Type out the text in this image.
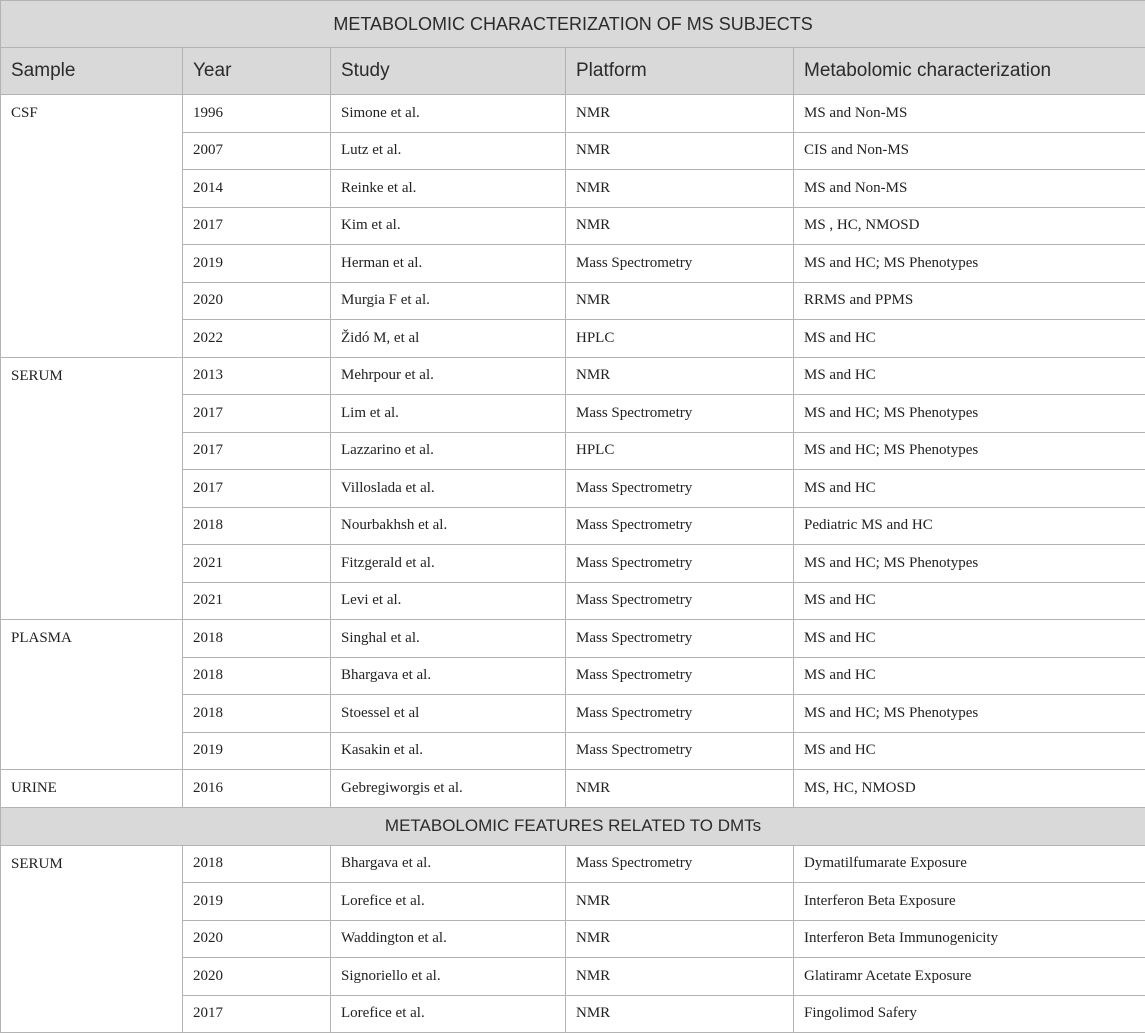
METABOLOMIC CHARACTERIZATION OF MS SUBJECTS				
Sample	Year	Study	Platform	Metabolomic characterization
CSF	1996	Simone et al.	NMR	MS and Non-MS
	2007	Lutz et al.	NMR	CIS and Non-MS
	2014	Reinke et al.	NMR	MS and Non-MS
	2017	Kim et al.	NMR	MS , HC, NMOSD
	2019	Herman et al.	Mass Spectrometry	MS and HC; MS Phenotypes
	2020	Murgia F et al.	NMR	RRMS and PPMS
	2022	Židó M, et al	HPLC	MS and HC
SERUM	2013	Mehrpour et al.	NMR	MS and HC
	2017	Lim et al.	Mass Spectrometry	MS and HC; MS Phenotypes
	2017	Lazzarino et al.	HPLC	MS and HC; MS Phenotypes
	2017	Villoslada et al.	Mass Spectrometry	MS and HC
	2018	Nourbakhsh et al.	Mass Spectrometry	Pediatric MS and HC
	2021	Fitzgerald et al.	Mass Spectrometry	MS and HC; MS Phenotypes
	2021	Levi et al.	Mass Spectrometry	MS and HC
PLASMA	2018	Singhal et al.	Mass Spectrometry	MS and HC
	2018	Bhargava et al.	Mass Spectrometry	MS and HC
	2018	Stoessel et al	Mass Spectrometry	MS and HC; MS Phenotypes
	2019	Kasakin et al.	Mass Spectrometry	MS and HC
URINE	2016	Gebregiworgis et al.	NMR	MS, HC, NMOSD
METABOLOMIC FEATURES RELATED TO DMTs				
SERUM	2018	Bhargava et al.	Mass Spectrometry	Dymatilfumarate Exposure
	2019	Lorefice et al.	NMR	Interferon Beta Exposure
	2020	Waddington et al.	NMR	Interferon Beta Immunogenicity
	2020	Signoriello et al.	NMR	Glatiramr Acetate Exposure
	2017	Lorefice et al.	NMR	Fingolimod Safery
